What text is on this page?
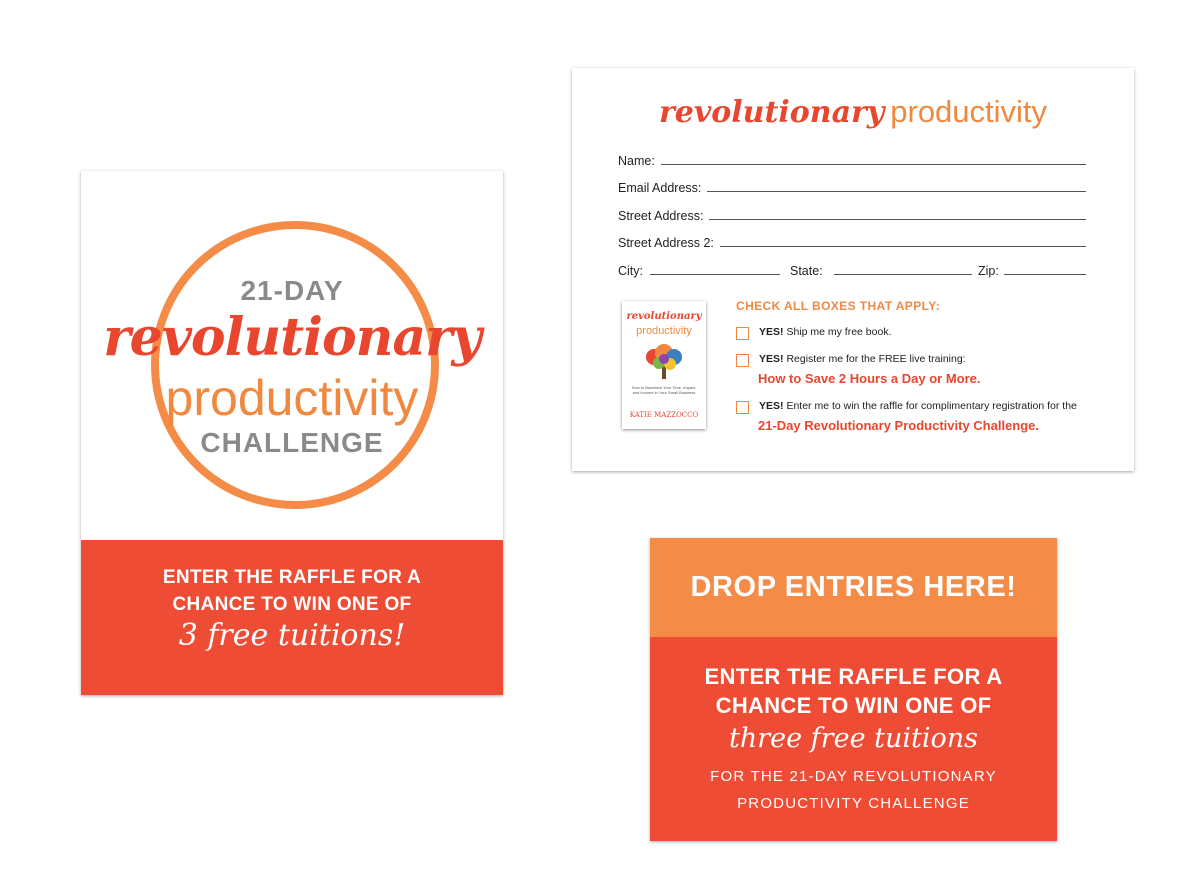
21-DAY
revolutionary
productivity
CHALLENGE
ENTER THE RAFFLE FOR A
CHANCE TO WIN ONE OF
3 free tuitions!
revolutionary productivity
Name:
Email Address:
Street Address:
Street Address 2:
City:	State:	Zip:
revolutionary
productivity
How to Maximize Your Time, Impact, and Income in Your Small Business
KATIE MAZZOCCO
CHECK ALL BOXES THAT APPLY:
YES! Ship me my free book.
YES! Register me for the FREE live training:
How to Save 2 Hours a Day or More.
YES! Enter me to win the raffle for complimentary registration for the
21-Day Revolutionary Productivity Challenge.
DROP ENTRIES HERE!
ENTER THE RAFFLE FOR A
CHANCE TO WIN ONE OF
three free tuitions
FOR THE 21-DAY REVOLUTIONARY
PRODUCTIVITY CHALLENGE
